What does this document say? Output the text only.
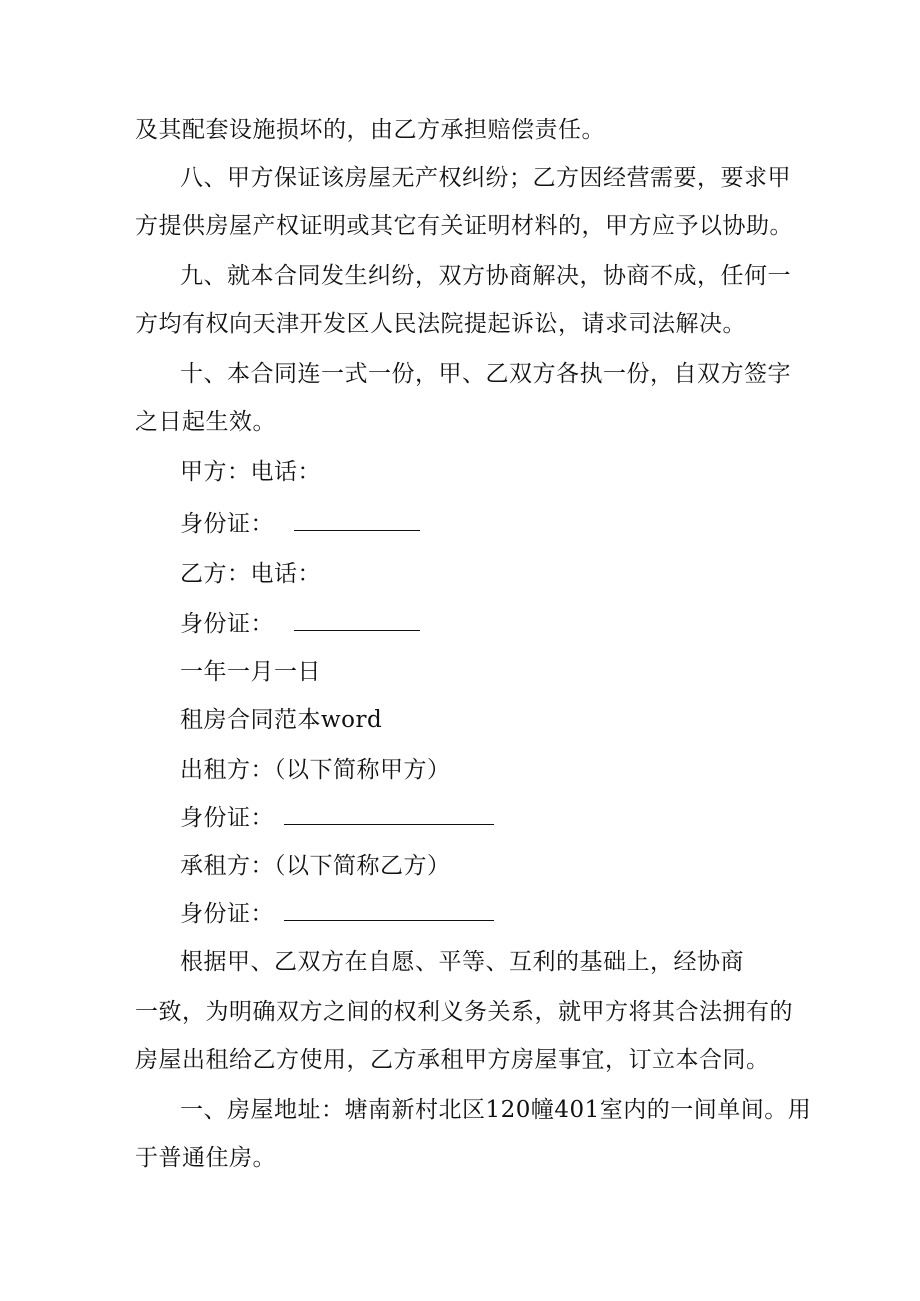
及其配套设施损坏的，由乙方承担赔偿责任。
八、甲方保证该房屋无产权纠纷；乙方因经营需要，要求甲
方提供房屋产权证明或其它有关证明材料的，甲方应予以协助。
九、就本合同发生纠纷，双方协商解决，协商不成，任何一
方均有权向天津开发区人民法院提起诉讼，请求司法解决。
十、本合同连一式一份，甲、乙双方各执一份，自双方签字
之日起生效。
甲方：电话：
身份证：
乙方：电话：
身份证：
一年一月一日
租房合同范本word
出租方：（以下简称甲方）
身份证：
承租方：（以下简称乙方）
身份证：
根据甲、乙双方在自愿、平等、互利的基础上，经协商
一致，为明确双方之间的权利义务关系，就甲方将其合法拥有的
房屋出租给乙方使用，乙方承租甲方房屋事宜，订立本合同。
一、房屋地址：塘南新村北区120幢401室内的一间单间。用
于普通住房。
